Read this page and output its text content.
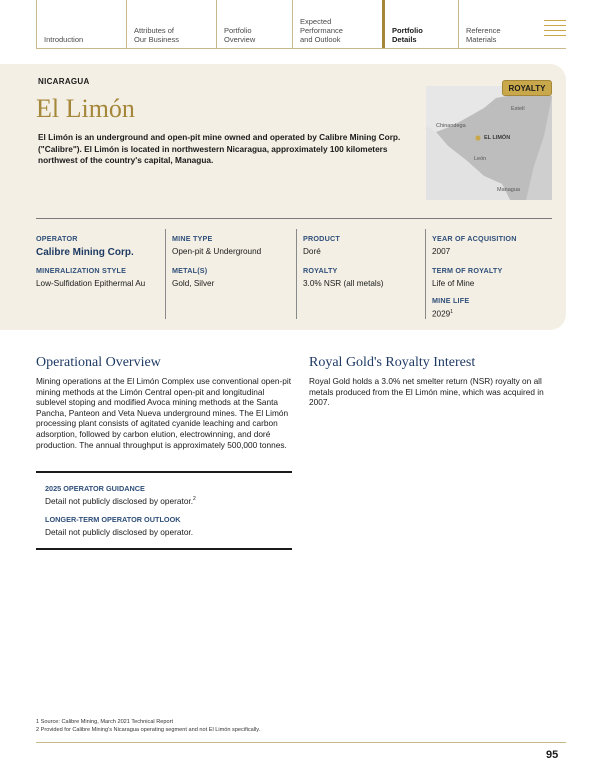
Introduction
Attributes of
Our Business
Portfolio
Overview
Expected
Performance
and Outlook
Portfolio
Details
Reference
Materials
NICARAGUA
El Limón
El Limón is an underground and open-pit mine owned and operated by Calibre Mining Corp. ("Calibre"). El Limón is located in northwestern Nicaragua, approximately 100 kilometers northwest of the country's capital, Managua.
Estelí
Chinandega
EL LIMÓN
León
Managua
ROYALTY
OPERATOR
Calibre Mining Corp.
MINERALIZATION STYLE
Low-Sulfidation Epithermal Au
MINE TYPE
Open-pit & Underground
METAL(S)
Gold, Silver
PRODUCT
Doré
ROYALTY
3.0% NSR (all metals)
YEAR OF ACQUISITION
2007
TERM OF ROYALTY
Life of Mine
MINE LIFE
2029$^1$
Operational Overview
Mining operations at the El Limón Complex use conventional open-pit mining methods at the Limón Central open-pit and longitudinal sublevel stoping and modified Avoca mining methods at the Santa Pancha, Panteon and Veta Nueva underground mines. The El Limón processing plant consists of agitated cyanide leaching and carbon adsorption, followed by carbon elution, electrowinning, and doré production. The annual throughput is approximately 500,000 tonnes.
Royal Gold's Royalty Interest
Royal Gold holds a 3.0% net smelter return (NSR) royalty on all metals produced from the El Limón mine, which was acquired in 2007.
2025 OPERATOR GUIDANCE
Detail not publicly disclosed by operator.$^2$
LONGER-TERM OPERATOR OUTLOOK
Detail not publicly disclosed by operator.
1 Source: Calibre Mining, March 2021 Technical Report
2 Provided for Calibre Mining's Nicaragua operating segment and not El Limón specifically.
95
